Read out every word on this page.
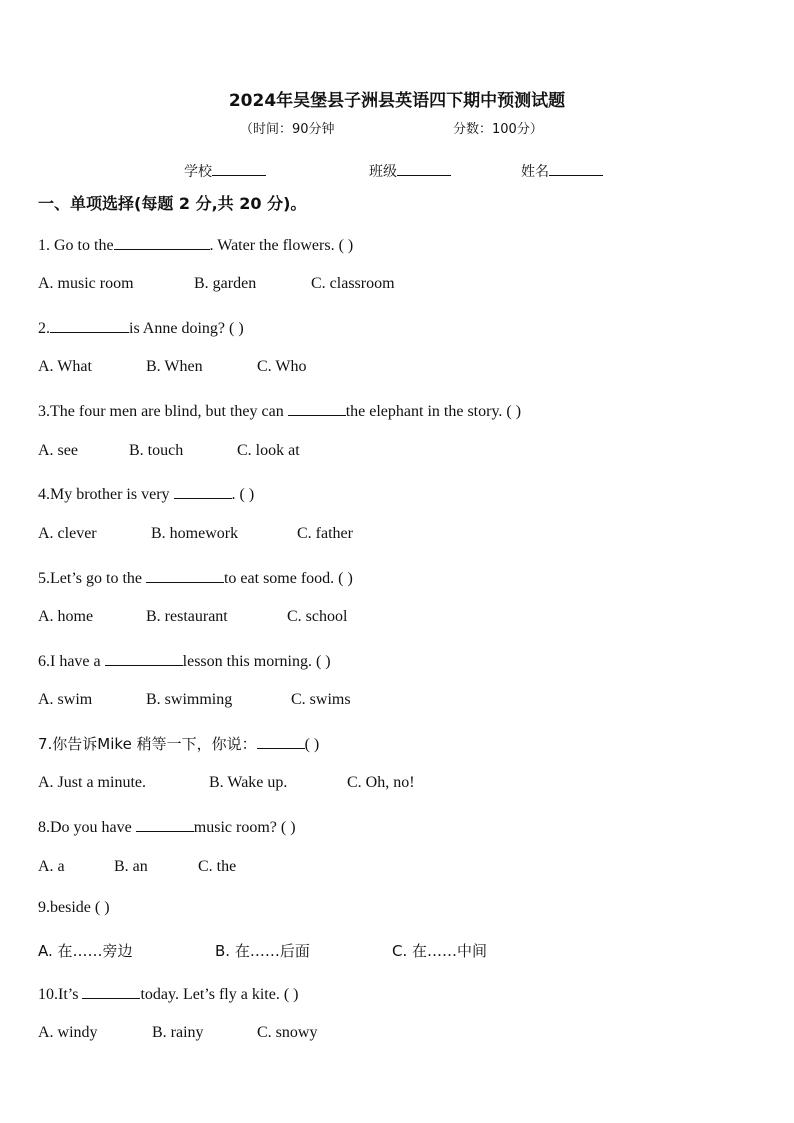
2024年吴堡县子洲县英语四下期中预测试题
（时间：90分钟	分数：100分）
学校	班级	姓名
一、单项选择(每题 2 分,共 20 分)。
1. Go to the	. Water the flowers. ( )
A. music room	B. garden	C. classroom
2.	is Anne doing? ( )
A. What	B. When	C. Who
3.The four men are blind, but they can	the elephant in the story. ( )
A. see	B. touch	C. look at
4.My brother is very	. ( )
A. clever	B. homework	C. father
5.Let’s go to the	to eat some food. ( )
A. home	B. restaurant	C. school
6.I have a	lesson this morning. ( )
A. swim	B. swimming	C. swims
7.你告诉Mike 稍等一下，你说：	( )
A. Just a minute.	B. Wake up.	C. Oh, no!
8.Do you have	music room? ( )
A. a	B. an	C. the
9.beside ( )
A. 在……旁边	B. 在……后面	C. 在……中间
10.It’s	today. Let’s fly a kite. ( )
A. windy	B. rainy	C. snowy
